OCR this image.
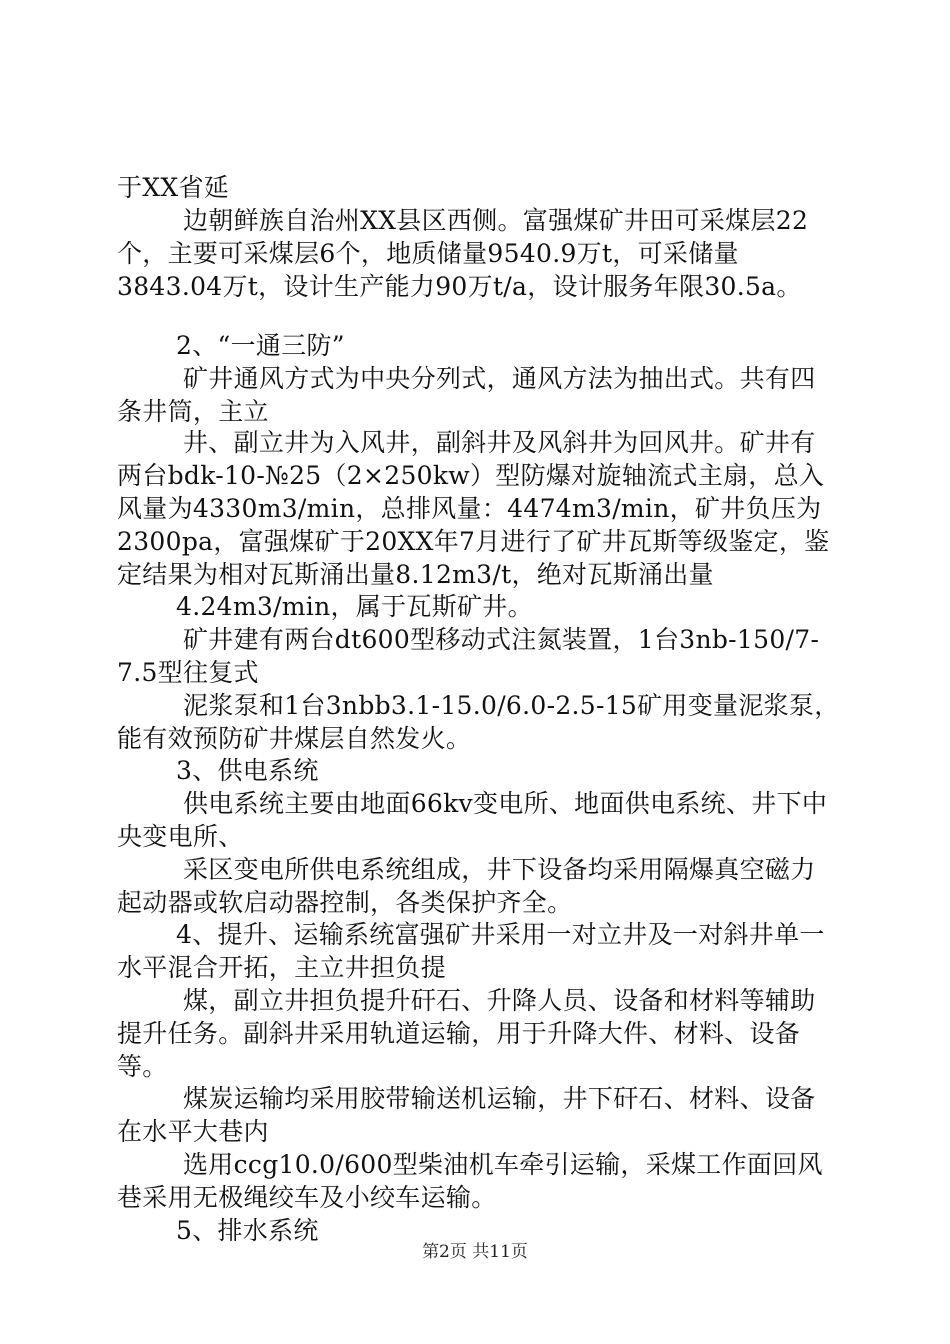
于XX省延
边朝鲜族自治州XX县区西侧。富强煤矿井田可采煤层22
个，主要可采煤层6个，地质储量9540.9万t，可采储量
3843.04万t，设计生产能力90万t/a，设计服务年限30.5a。
2、“一通三防”
矿井通风方式为中央分列式，通风方法为抽出式。共有四
条井筒，主立
井、副立井为入风井，副斜井及风斜井为回风井。矿井有
两台bdk-10-№25（2×250kw）型防爆对旋轴流式主扇，总入
风量为4330m3/min，总排风量：4474m3/min，矿井负压为
2300pa，富强煤矿于20XX年7月进行了矿井瓦斯等级鉴定，鉴
定结果为相对瓦斯涌出量8.12m3/t，绝对瓦斯涌出量
4.24m3/min，属于瓦斯矿井。
矿井建有两台dt600型移动式注氮装置，1台3nb-150/7-
7.5型往复式
泥浆泵和1台3nbb3.1-15.0/6.0-2.5-15矿用变量泥浆泵，
能有效预防矿井煤层自然发火。
3、供电系统
供电系统主要由地面66kv变电所、地面供电系统、井下中
央变电所、
采区变电所供电系统组成，井下设备均采用隔爆真空磁力
起动器或软启动器控制，各类保护齐全。
4、提升、运输系统富强矿井采用一对立井及一对斜井单一
水平混合开拓，主立井担负提
煤，副立井担负提升矸石、升降人员、设备和材料等辅助
提升任务。副斜井采用轨道运输，用于升降大件、材料、设备
等。
煤炭运输均采用胶带输送机运输，井下矸石、材料、设备
在水平大巷内
选用ccg10.0/600型柴油机车牵引运输，采煤工作面回风
巷采用无极绳绞车及小绞车运输。
5、排水系统
第2页 共11页
